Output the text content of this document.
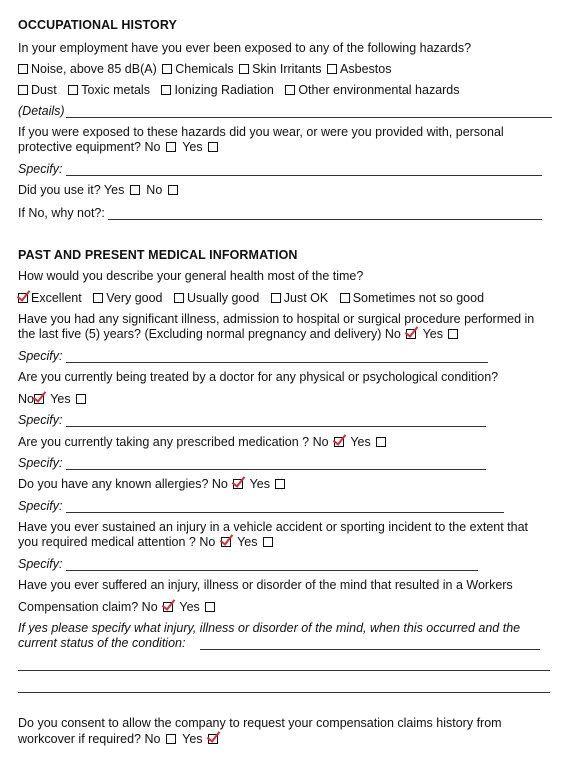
OCCUPATIONAL HISTORY
In your employment have you ever been exposed to any of the following hazards?
Noise, above 85 dB(A) Chemicals Skin Irritants Asbestos
Dust Toxic metals Ionizing Radiation Other environmental hazards
(Details)
If you were exposed to these hazards did you wear, or were you provided with, personal
protective equipment? No Yes
Specify:
Did you use it? Yes No
If No, why not?:
PAST AND PRESENT MEDICAL INFORMATION
How would you describe your general health most of the time?
Excellent Very good Usually good Just OK Sometimes not so good
Have you had any significant illness, admission to hospital or surgical procedure performed in
the last five (5) years? (Excluding normal pregnancy and delivery) No Yes
Specify:
Are you currently being treated by a doctor for any physical or psychological condition?
No Yes
Specify:
Are you currently taking any prescribed medication ? No Yes
Specify:
Do you have any known allergies? No Yes
Specify:
Have you ever sustained an injury in a vehicle accident or sporting incident to the extent that
you required medical attention ? No Yes
Specify:
Have you ever suffered an injury, illness or disorder of the mind that resulted in a Workers
Compensation claim? No Yes
If yes please specify what injury, illness or disorder of the mind, when this occurred and the
current status of the condition:
Do you consent to allow the company to request your compensation claims history from
workcover if required? No Yes
